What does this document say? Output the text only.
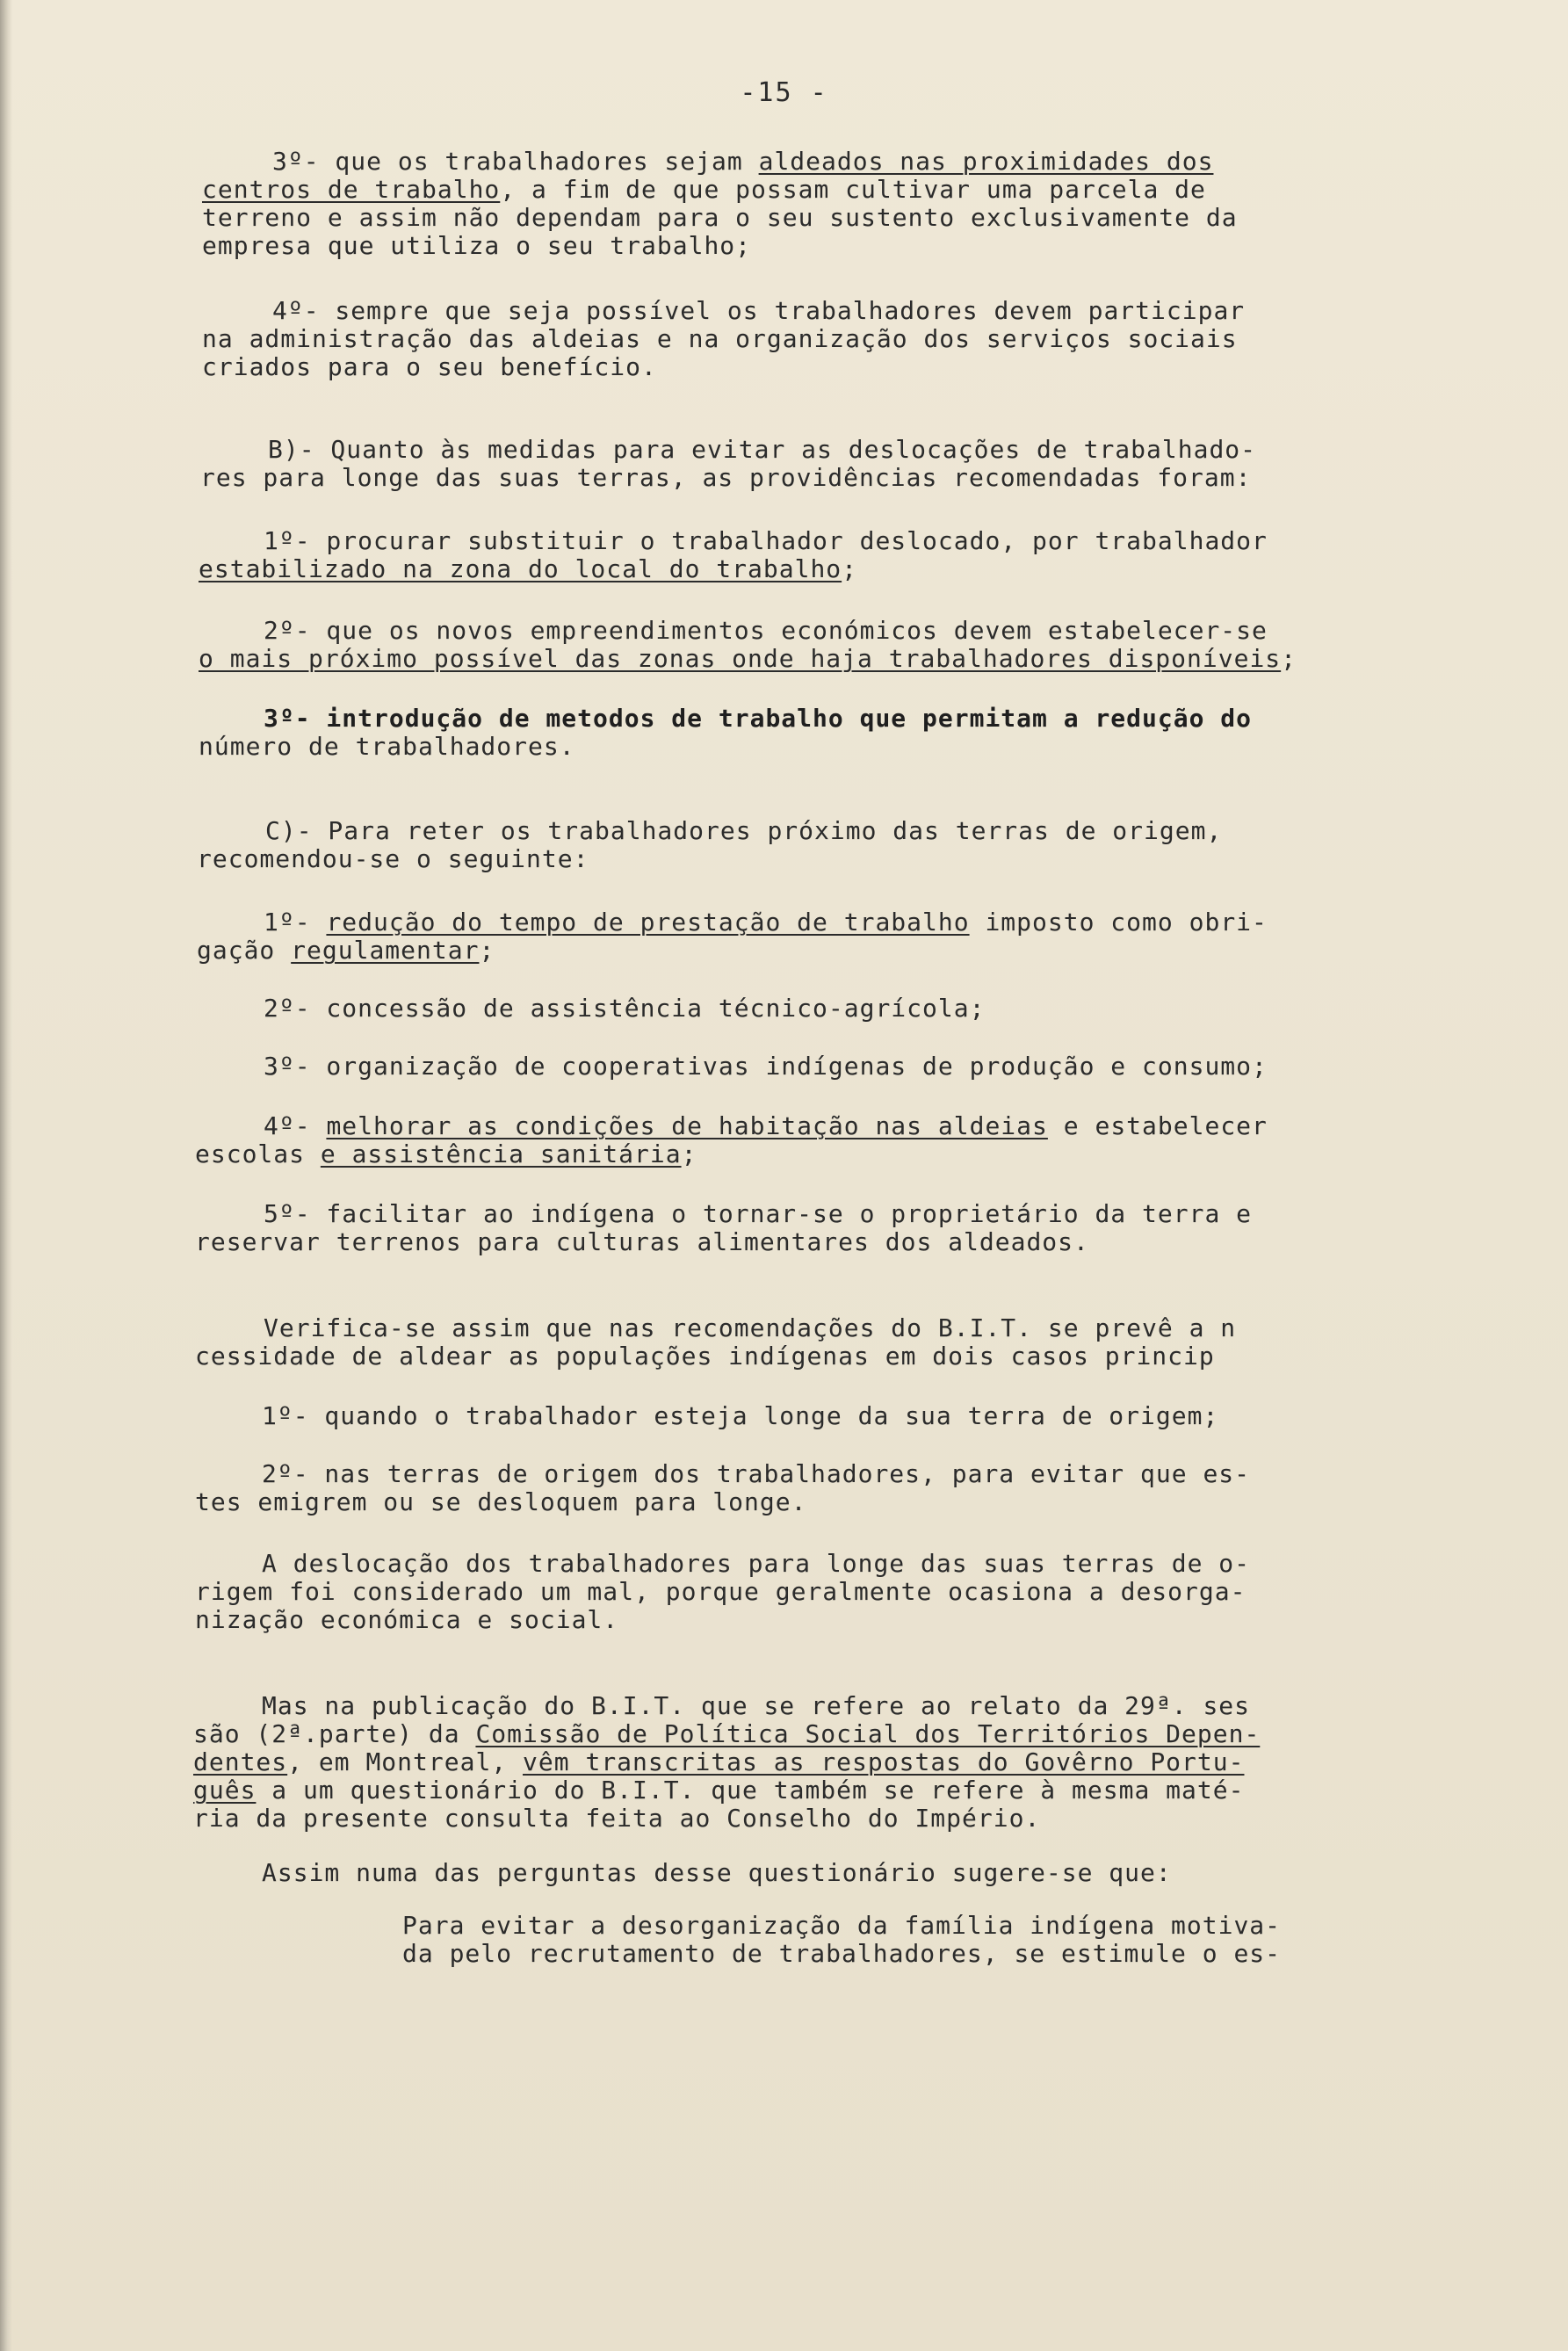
-15 -
3º- que os trabalhadores sejam aldeados nas proximidades dos
centros de trabalho, a fim de que possam cultivar uma parcela de
terreno e assim não dependam para o seu sustento exclusivamente da
empresa que utiliza o seu trabalho;
4º- sempre que seja possível os trabalhadores devem participar
na administração das aldeias e na organização dos serviços sociais
criados para o seu benefício.
B)- Quanto às medidas para evitar as deslocações de trabalhado-
res para longe das suas terras, as providências recomendadas foram:
1º- procurar substituir o trabalhador deslocado, por trabalhador
estabilizado na zona do local do trabalho;
2º- que os novos empreendimentos económicos devem estabelecer-se
o mais próximo possível das zonas onde haja trabalhadores disponíveis;
3º- introdução de metodos de trabalho que permitam a redução do
número de trabalhadores.
C)- Para reter os trabalhadores próximo das terras de origem,
recomendou-se o seguinte:
1º- redução do tempo de prestação de trabalho imposto como obri-
gação regulamentar;
2º- concessão de assistência técnico-agrícola;
3º- organização de cooperativas indígenas de produção e consumo;
4º- melhorar as condições de habitação nas aldeias e estabelecer
escolas e assistência sanitária;
5º- facilitar ao indígena o tornar-se o proprietário da terra e
reservar terrenos para culturas alimentares dos aldeados.
Verifica-se assim que nas recomendações do B.I.T. se prevê a n
cessidade de aldear as populações indígenas em dois casos princip
1º- quando o trabalhador esteja longe da sua terra de origem;
2º- nas terras de origem dos trabalhadores, para evitar que es-
tes emigrem ou se desloquem para longe.
A deslocação dos trabalhadores para longe das suas terras de o-
rigem foi considerado um mal, porque geralmente ocasiona a desorga-
nização económica e social.
Mas na publicação do B.I.T. que se refere ao relato da 29ª. ses
são (2ª.parte) da Comissão de Política Social dos Territórios Depen-
dentes, em Montreal, vêm transcritas as respostas do Govêrno Portu-
guês a um questionário do B.I.T. que também se refere à mesma maté-
ria da presente consulta feita ao Conselho do Império.
Assim numa das perguntas desse questionário sugere-se que:
Para evitar a desorganização da família indígena motiva-
da pelo recrutamento de trabalhadores, se estimule o es-
